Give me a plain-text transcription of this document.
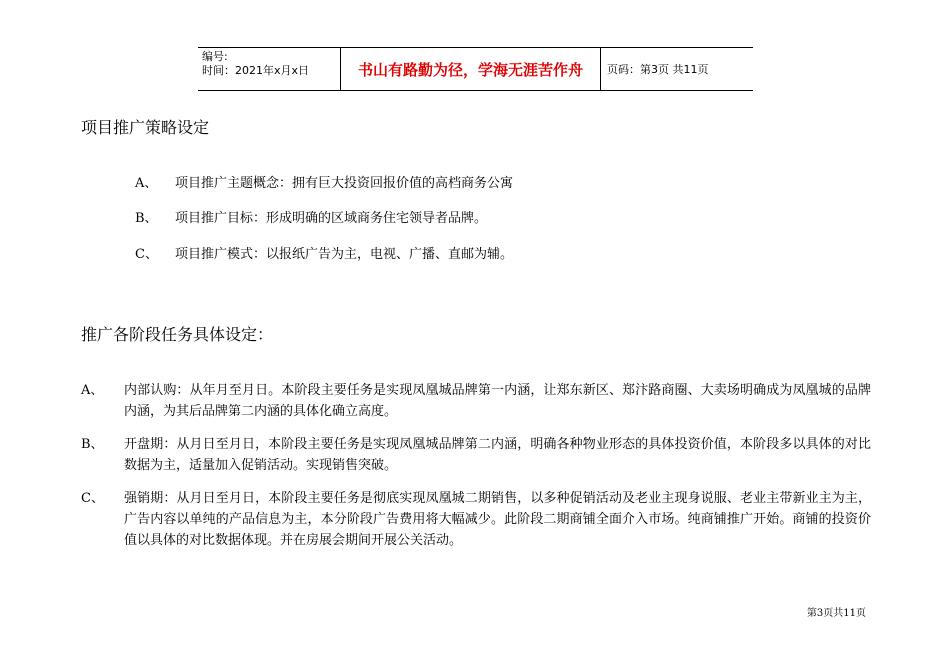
编号:
时间：2021年x月x日	书山有路勤为径，学海无涯苦作舟	页码：第3页 共11页
项目推广策略设定
A、 项目推广主题概念：拥有巨大投资回报价值的高档商务公寓
B、 项目推广目标：形成明确的区域商务住宅领导者品牌。
C、 项目推广模式：以报纸广告为主，电视、广播、直邮为辅。
推广各阶段任务具体设定：
A、	内部认购：从年月至月日。本阶段主要任务是实现凤凰城品牌第一内涵，让郑东新区、郑汴路商圈、大卖场明确成为凤凰城的品牌内涵，为其后品牌第二内涵的具体化确立高度。
B、	开盘期：从月日至月日，本阶段主要任务是实现凤凰城品牌第二内涵，明确各种物业形态的具体投资价值，本阶段多以具体的对比数据为主，适量加入促销活动。实现销售突破。
C、	强销期：从月日至月日，本阶段主要任务是彻底实现凤凰城二期销售，以多种促销活动及老业主现身说服、老业主带新业主为主，广告内容以单纯的产品信息为主，本分阶段广告费用将大幅减少。此阶段二期商铺全面介入市场。纯商铺推广开始。商铺的投资价值以具体的对比数据体现。并在房展会期间开展公关活动。
第3页共11页
